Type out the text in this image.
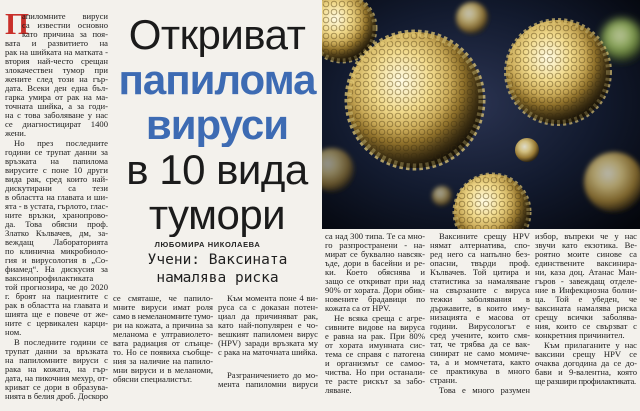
Откриват
папилома
вируси
в 10 вида
тумори
ЛЮБОМИРА НИКОЛАЕВА
Учени: Ваксината
намалява риска
П
апиломните вируси
са известни основно
като причина за поя-
вата и развитието на
рак на шийката на матката -
втория най-често срещан
злокачествен тумор при
жените след този на гър-
дата. Всеки ден една бъл-
гарка умира от рак на ма-
точната шийка, а за годи-
на с това заболяване у нас
се диагностицират 1400
жени.
Но през последните
години се трупат данни за
връзката на папилома
вирусите с поне 10 други
вида рак, сред които най-
дискутирани са тези
в областта на главата и ши-
ята - в устата, гърлото, глас-
ните връзки, хранопрово-
да. Това обясни проф.
Златко Кълвачев, дм, за-
веждащ Лабораторията
по клинична микробиоло-
гия и вирусология в „Со-
фиамед“. На дискусия за
ваксинопрофилактиката
той прогнозира, че до 2020
г. броят на пациентите с
рак в областта на главата и
шията ще е повече от же-
ните с цервикален карци-
ном.
В последните години се
трупат данни за връзката
на папиломните вируси с
рака на кожата, на гър-
дата, на пикочния мехур, от-
криват се дори в образува-
нията в белия дроб. Доскоро
се смяташе, че папило-
мните вируси имат роля
само в немеланомните тумо-
ри на кожата, а причина за
меланома е ултравиолето-
вата радиация от слънце-
то. Но се появиха съобще-
ния за наличие на папило-
мни вируси и в меланоми,
обясни специалистът.
Към момента поне 4 ви-
руса са с доказан потен-
циал да причиняват рак,
като най-популярен е чо-
вешкият папиломен вирус
(HPV) заради връзката му
с рака на маточната шийка.
Разграничението до мо-
мента папиломни вируси
са над 300 типа. Те са мно-
го разпространени - на-
мират се буквално навсяк-
ъде, дори в басейни и ре-
ки. Което обяснява и
защо се откриват при над
90% от хората. Дори обик-
новените брадавици по
кожата са от HPV.
Не всяка среща с агре-
сивните видове на вируса
е равна на рак. При 80%
от хората имунната сис-
тема се справя с патогена
и организмът се самоо-
чиства. Но при останали-
те расте рискът за забо-
ляване.
Ваксините срещу HPV
нямат алтернатива, спо-
ред него са напълно без-
опасни, твърди проф.
Кълвачев. Той цитира и
статистика за намаляване
на свързаните с вируса
тежки заболявания в
държавите, в които иму-
низацията е масова от
години. Вирусологът е
сред учените, които смя-
тат, че трябва да се вак-
синират не само момиче-
та, а и момчетата, както
се практикува в много
страни.
Това е много разумен
избор, въпреки че у нас
звучи като екзотика. Ве-
роятно моите синове са
единствените ваксинира-
ни, каза доц. Атанас Ман-
гъров - завеждащ отделе-
ние в Инфекциозна болни-
ца. Той е убеден, че
ваксината намалява риска
срещу всички заболява-
ния, които се свързват с
конкретния причинител.
Към прилаганите у нас
ваксини срещу HPV се
очаква догодина да се до-
бави и 9-валентна, която
ще разшири профилактиката.
